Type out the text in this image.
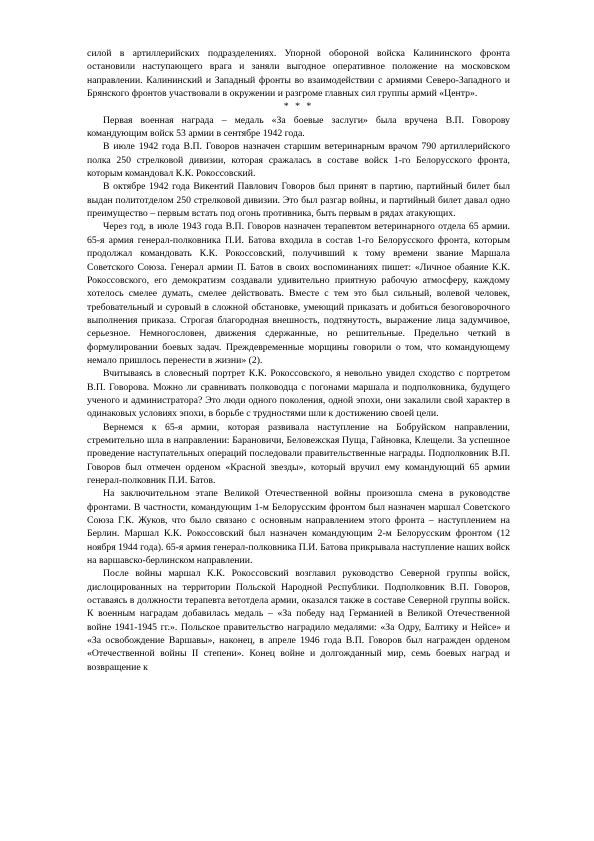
силой в артиллерийских подразделениях. Упорной обороной войска Калининского фронта остановили наступающего врага и заняли выгодное оперативное положение на московском направлении. Калининский и Западный фронты во взаимодействии с армиями Северо-Западного и Брянского фронтов участвовали в окружении и разгроме главных сил группы армий «Центр».

* * *

Первая военная награда – медаль «За боевые заслуги» была вручена В.П. Говорову командующим войск 53 армии в сентябре 1942 года.

В июле 1942 года В.П. Говоров назначен старшим ветеринарным врачом 790 артиллерийского полка 250 стрелковой дивизии, которая сражалась в составе войск 1-го Белорусского фронта, которым командовал К.К. Рокоссовский.

В октябре 1942 года Викентий Павлович Говоров был принят в партию, партийный билет был выдан политотделом 250 стрелковой дивизии. Это был разгар войны, и партийный билет давал одно преимущество – первым встать под огонь противника, быть первым в рядах атакующих.

Через год, в июле 1943 года В.П. Говоров назначен терапевтом ветеринарного отдела 65 армии. 65-я армия генерал-полковника П.И. Батова входила в состав 1-го Белорусского фронта, которым продолжал командовать К.К. Рокоссовский, получивший к тому времени звание Маршала Советского Союза. Генерал армии П. Батов в своих воспоминаниях пишет: «Личное обаяние К.К. Рокоссовского, его демократизм создавали удивительно приятную рабочую атмосферу, каждому хотелось смелее думать, смелее действовать. Вместе с тем это был сильный, волевой человек, требовательный и суровый в сложной обстановке, умеющий приказать и добиться безоговорочного выполнения приказа. Строгая благородная внешность, подтянутость, выражение лица задумчивое, серьезное. Немногословен, движения сдержанные, но решительные. Предельно четкий в формулировании боевых задач. Преждевременные морщины говорили о том, что командующему немало пришлось перенести в жизни» (2).

Вчитываясь в словесный портрет К.К. Рокоссовского, я невольно увидел сходство с портретом В.П. Говорова. Можно ли сравнивать полководца с погонами маршала и подполковника, будущего ученого и администратора? Это люди одного поколения, одной эпохи, они закалили свой характер в одинаковых условиях эпохи, в борьбе с трудностями шли к достижению своей цели.

Вернемся к 65-я армии, которая развивала наступление на Бобруйском направлении, стремительно шла в направлении: Барановичи, Беловежская Пуща, Гайновка, Клещели. За успешное проведение наступательных операций последовали правительственные награды. Подполковник В.П. Говоров был отмечен орденом «Красной звезды», который вручил ему командующий 65 армии генерал-полковник П.И. Батов.

На заключительном этапе Великой Отечественной войны произошла смена в руководстве фронтами. В частности, командующим 1-м Белорусским фронтом был назначен маршал Советского Союза Г.К. Жуков, что было связано с основным направлением этого фронта – наступлением на Берлин. Маршал К.К. Рокоссовский был назначен командующим 2-м Белорусским фронтом (12 ноября 1944 года). 65-я армия генерал-полковника П.И. Батова прикрывала наступление наших войск на варшавско-берлинском направлении.

После войны маршал К.К. Рокоссовский возглавил руководство Северной группы войск, дислоцированных на территории Польской Народной Республики. Подполковник В.П. Говоров, оставаясь в должности терапевта ветотдела армии, оказался также в составе Северной группы войск. К военным наградам добавилась медаль – «За победу над Германией в Великой Отечественной войне 1941-1945 гг.». Польское правительство наградило медалями: «За Одру, Балтику и Нейсе» и «За освобождение Варшавы», наконец, в апреле 1946 года В.П. Говоров был награжден орденом «Отечественной войны II степени». Конец войне и долгожданный мир, семь боевых наград и возвращение к
